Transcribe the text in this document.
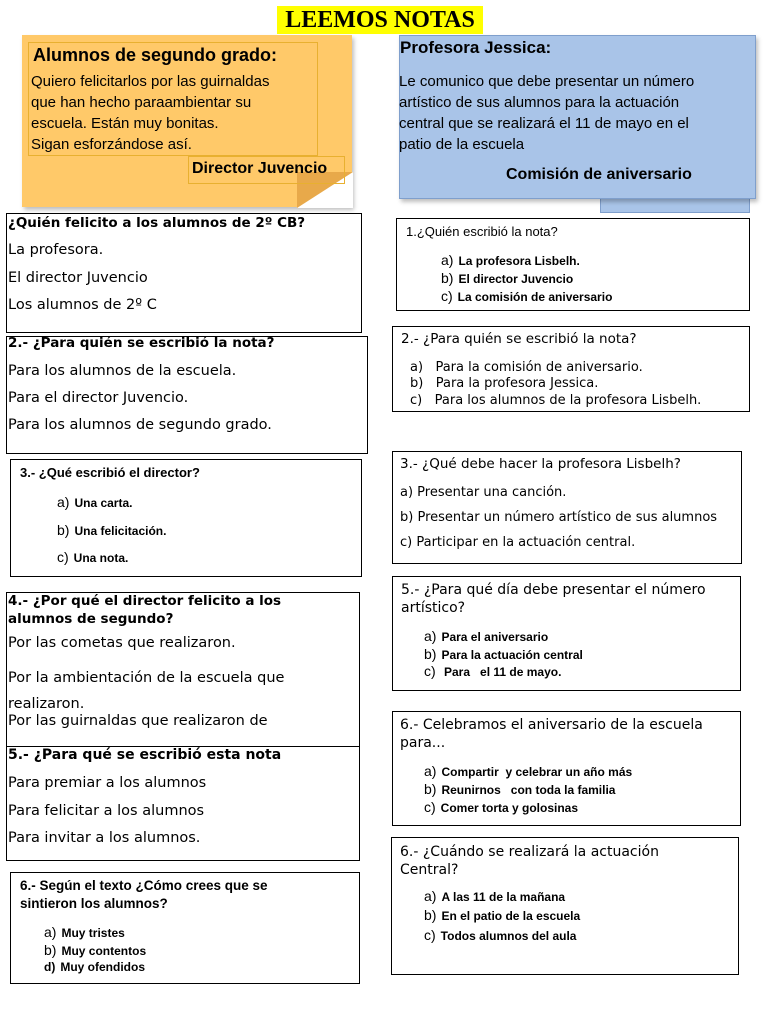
LEEMOS NOTAS
Alumnos de segundo grado:
Quiero felicitarlos por las guirnaldas
que han hecho paraambientar su
escuela. Están muy bonitas.
Sigan esforzándose así.
Director Juvencio
Profesora Jessica:
Le comunico que debe presentar un número
artístico de sus alumnos para la actuación
central que se realizará el 11 de mayo en el
patio de la escuela
Comisión de aniversario
¿Quién felicito a los alumnos de 2º CB?
La profesora.
El director Juvencio
Los alumnos de 2º C
2.- ¿Para quién se escribió la nota?
Para los alumnos de la escuela.
Para el director Juvencio.
Para los alumnos de segundo grado.
3.- ¿Qué escribió el director?
a) Una carta.
b) Una felicitación.
c) Una nota.
4.- ¿Por qué el director felicito a los
alumnos de segundo?
Por las cometas que realizaron.
Por la ambientación de la escuela que
realizaron.
Por las guirnaldas que realizaron de
5.- ¿Para qué se escribió esta nota
Para premiar a los alumnos
Para felicitar a los alumnos
Para invitar a los alumnos.
6.- Según el texto ¿Cómo crees que se
sintieron los alumnos?
a) Muy tristes
b) Muy contentos
d) Muy ofendidos
1.¿Quién escribió la nota?
a) La profesora Lisbelh.
b) El director Juvencio
c) La comisión de aniversario
2.- ¿Para quién se escribió la nota?
a) Para la comisión de aniversario.
b) Para la profesora Jessica.
c) Para los alumnos de la profesora Lisbelh.
3.- ¿Qué debe hacer la profesora Lisbelh?
a) Presentar una canción.
b) Presentar un número artístico de sus alumnos
c) Participar en la actuación central.
5.- ¿Para qué día debe presentar el número
artístico?
a) Para el aniversario
b) Para la actuación central
c) Para   el 11 de mayo.
6.- Celebramos el aniversario de la escuela
para...
a) Compartir  y celebrar un año más
b) Reunirnos   con toda la familia
c) Comer torta y golosinas
6.- ¿Cuándo se realizará la actuación
Central?
a) A las 11 de la mañana
b) En el patio de la escuela
c) Todos alumnos del aula
